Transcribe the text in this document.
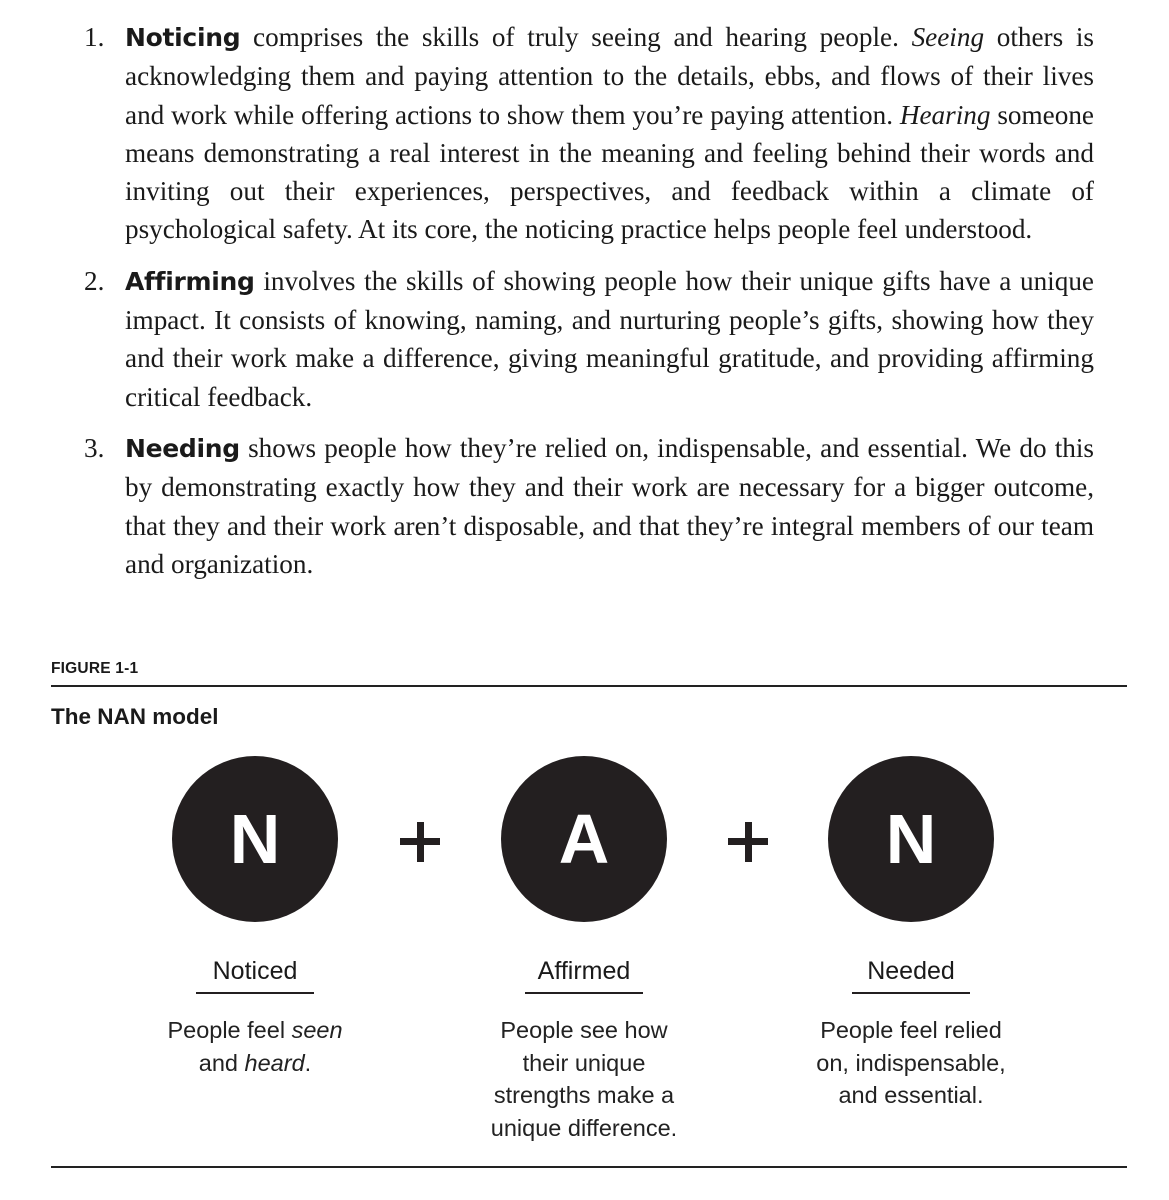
1. Noticing comprises the skills of truly seeing and hearing people. Seeing others is acknowledging them and paying attention to the details, ebbs, and flows of their lives and work while offering actions to show them you’re paying attention. Hearing someone means demonstrating a real interest in the meaning and feeling behind their words and inviting out their experiences, perspectives, and feedback within a climate of psychological safety. At its core, the noticing practice helps people feel understood.
2. Affirming involves the skills of showing people how their unique gifts have a unique impact. It consists of knowing, naming, and nurturing people’s gifts, showing how they and their work make a difference, giving meaningful gratitude, and providing affirming critical feedback.
3. Needing shows people how they’re relied on, indispensable, and essential. We do this by demonstrating exactly how they and their work are necessary for a bigger outcome, that they and their work aren’t disposable, and that they’re integral members of our team and organization.
FIGURE 1-1
The NAN model
N	A	N
Noticed
People feel seen
and heard.
Affirmed
People see how
their unique
strengths make a
unique difference.
Needed
People feel relied
on, indispensable,
and essential.
